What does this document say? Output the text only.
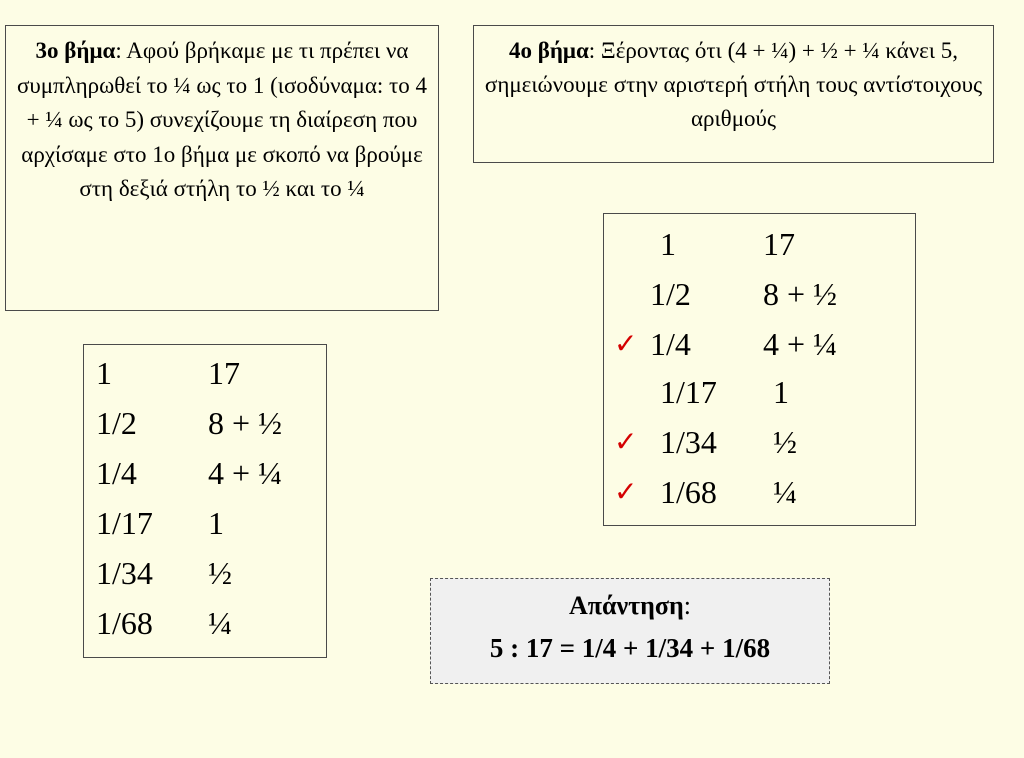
3ο βήμα: Αφού βρήκαμε με τι πρέπει να συμπληρωθεί το ¼ ως το 1 (ισοδύναμα: το 4 + ¼ ως το 5) συνεχίζουμε τη διαίρεση που αρχίσαμε στο 1ο βήμα με σκοπό να βρούμε στη δεξιά στήλη το ½ και το ¼
4ο βήμα: Ξέροντας ότι (4 + ¼) + ½ + ¼ κάνει 5, σημειώνουμε στην αριστερή στήλη τους αντίστοιχους αριθμούς
1	17
1/2 8 + ½
1/4 4 + ¼
1/17 1
1/34 ½
1/68 ¼
1	17
1/2 8 + ½
✓ 1/4 4 + ¼
1/17 1
✓ 1/34 ½
✓ 1/68 ¼
Απάντηση:
5 : 17 = 1/4 + 1/34 + 1/68
